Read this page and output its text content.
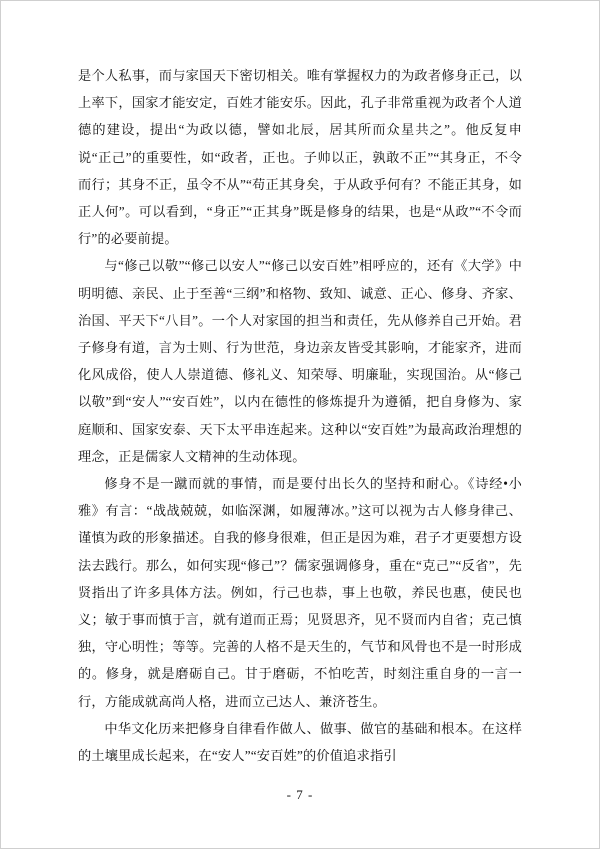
是个人私事，而与家国天下密切相关。唯有掌握权力的为政者修身正己，以上率下，国家才能安定，百姓才能安乐。因此，孔子非常重视为政者个人道德的建设，提出“为政以德，譬如北辰，居其所而众星共之”。他反复申说“正己”的重要性，如“政者，正也。子帅以正，孰敢不正”“其身正，不令而行；其身不正，虽令不从”“苟正其身矣，于从政乎何有？不能正其身，如正人何”。可以看到，“身正”“正其身”既是修身的结果，也是“从政”“不令而行”的必要前提。

与“修己以敬”“修己以安人”“修己以安百姓”相呼应的，还有《大学》中明明德、亲民、止于至善“三纲”和格物、致知、诚意、正心、修身、齐家、治国、平天下“八目”。一个人对家国的担当和责任，先从修养自己开始。君子修身有道，言为士则、行为世范，身边亲友皆受其影响，才能家齐，进而化风成俗，使人人崇道德、修礼义、知荣辱、明廉耻，实现国治。从“修己以敬”到“安人”“安百姓”，以内在德性的修炼提升为遵循，把自身修为、家庭顺和、国家安泰、天下太平串连起来。这种以“安百姓”为最高政治理想的理念，正是儒家人文精神的生动体现。

修身不是一蹴而就的事情，而是要付出长久的坚持和耐心。《诗经•小雅》有言：“战战兢兢，如临深渊，如履薄冰。”这可以视为古人修身律己、谨慎为政的形象描述。自我的修身很难，但正是因为难，君子才更要想方设法去践行。那么，如何实现“修己”？儒家强调修身，重在“克己”“反省”，先贤指出了许多具体方法。例如，行己也恭，事上也敬，养民也惠，使民也义；敏于事而慎于言，就有道而正焉；见贤思齐，见不贤而内自省；克己慎独，守心明性；等等。完善的人格不是天生的，气节和风骨也不是一时形成的。修身，就是磨砺自己。甘于磨砺，不怕吃苦，时刻注重自身的一言一行，方能成就高尚人格，进而立己达人、兼济苍生。

中华文化历来把修身自律看作做人、做事、做官的基础和根本。在这样的土壤里成长起来，在“安人”“安百姓”的价值追求指引

- 7 -
